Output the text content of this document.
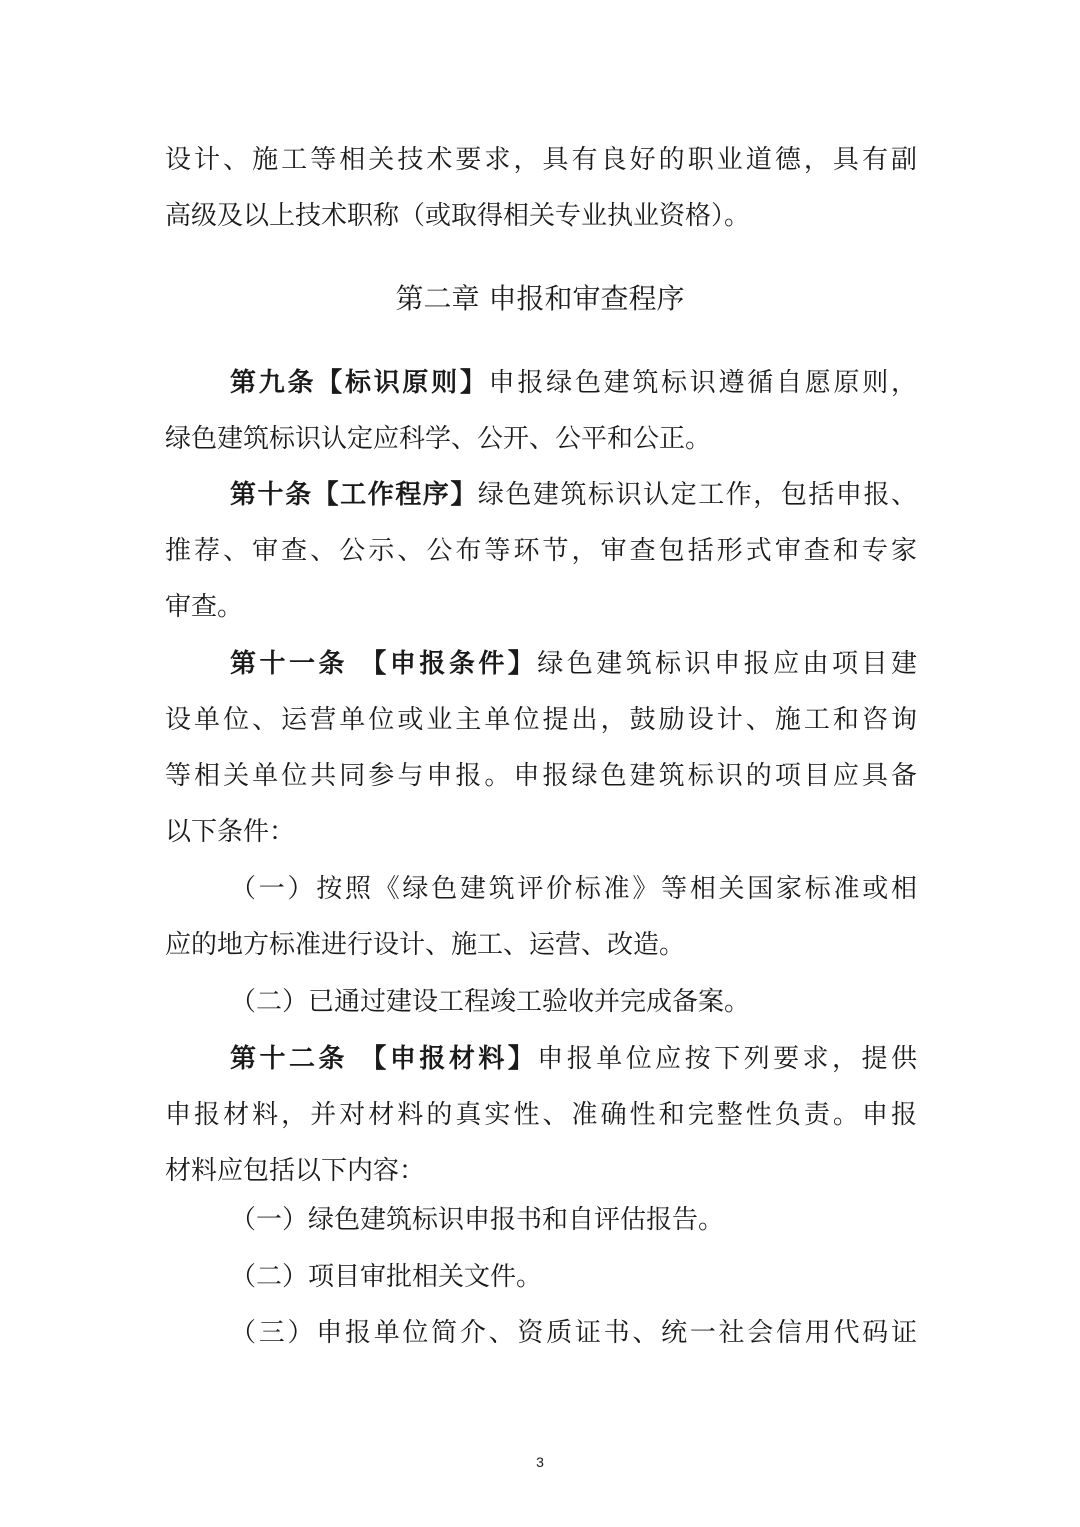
设计、施工等相关技术要求，具有良好的职业道德，具有副
高级及以上技术职称（或取得相关专业执业资格）。
第二章 申报和审查程序
第九条【标识原则】申报绿色建筑标识遵循自愿原则，
绿色建筑标识认定应科学、公开、公平和公正。
第十条【工作程序】绿色建筑标识认定工作，包括申报、
推荐、审查、公示、公布等环节，审查包括形式审查和专家
审查。
第十一条 【申报条件】绿色建筑标识申报应由项目建
设单位、运营单位或业主单位提出，鼓励设计、施工和咨询
等相关单位共同参与申报。申报绿色建筑标识的项目应具备
以下条件：
（一）按照《绿色建筑评价标准》等相关国家标准或相
应的地方标准进行设计、施工、运营、改造。
（二）已通过建设工程竣工验收并完成备案。
第十二条 【申报材料】申报单位应按下列要求，提供
申报材料，并对材料的真实性、准确性和完整性负责。申报
材料应包括以下内容：
（一）绿色建筑标识申报书和自评估报告。
（二）项目审批相关文件。
（三）申报单位简介、资质证书、统一社会信用代码证
3
